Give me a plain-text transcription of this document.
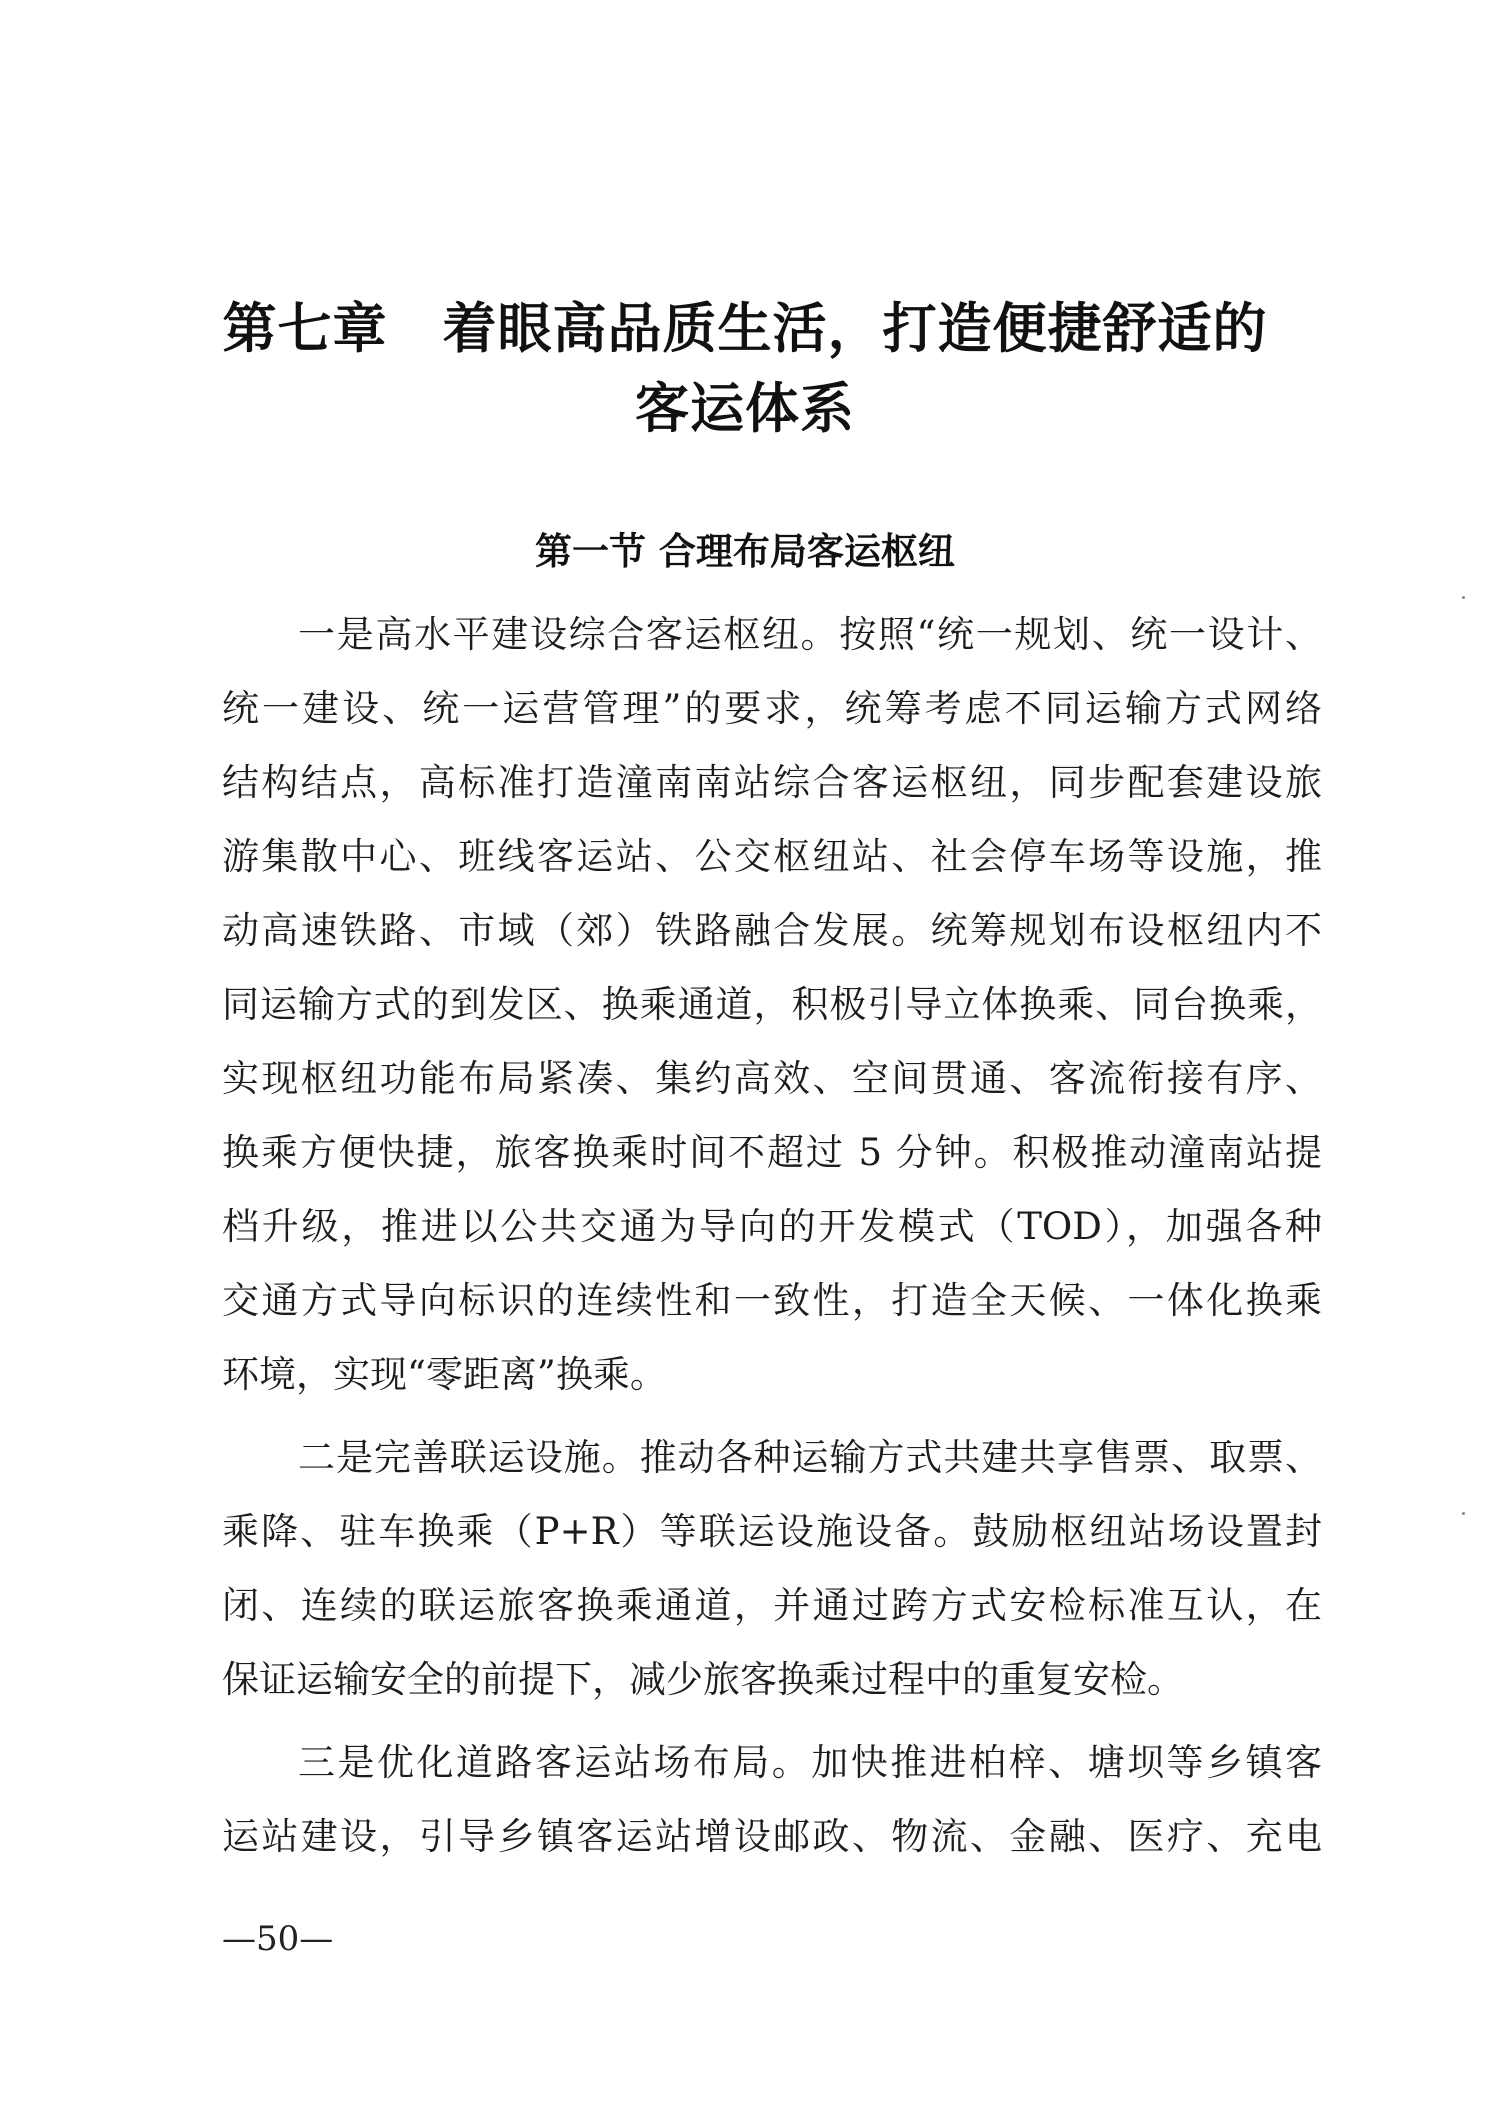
第七章　着眼高品质生活，打造便捷舒适的
客运体系
第一节 合理布局客运枢纽
一是高水平建设综合客运枢纽。按照“统一规划、统一设计、
统一建设、统一运营管理”的要求，统筹考虑不同运输方式网络
结构结点，高标准打造潼南南站综合客运枢纽，同步配套建设旅
游集散中心、班线客运站、公交枢纽站、社会停车场等设施，推
动高速铁路、市域（郊）铁路融合发展。统筹规划布设枢纽内不
同运输方式的到发区、换乘通道，积极引导立体换乘、同台换乘，
实现枢纽功能布局紧凑、集约高效、空间贯通、客流衔接有序、
换乘方便快捷，旅客换乘时间不超过 5 分钟。积极推动潼南站提
档升级，推进以公共交通为导向的开发模式（TOD），加强各种
交通方式导向标识的连续性和一致性，打造全天候、一体化换乘
环境，实现“零距离”换乘。
二是完善联运设施。推动各种运输方式共建共享售票、取票、
乘降、驻车换乘（P+R）等联运设施设备。鼓励枢纽站场设置封
闭、连续的联运旅客换乘通道，并通过跨方式安检标准互认，在
保证运输安全的前提下，减少旅客换乘过程中的重复安检。
三是优化道路客运站场布局。加快推进柏梓、塘坝等乡镇客
运站建设，引导乡镇客运站增设邮政、物流、金融、医疗、充电
—50—
